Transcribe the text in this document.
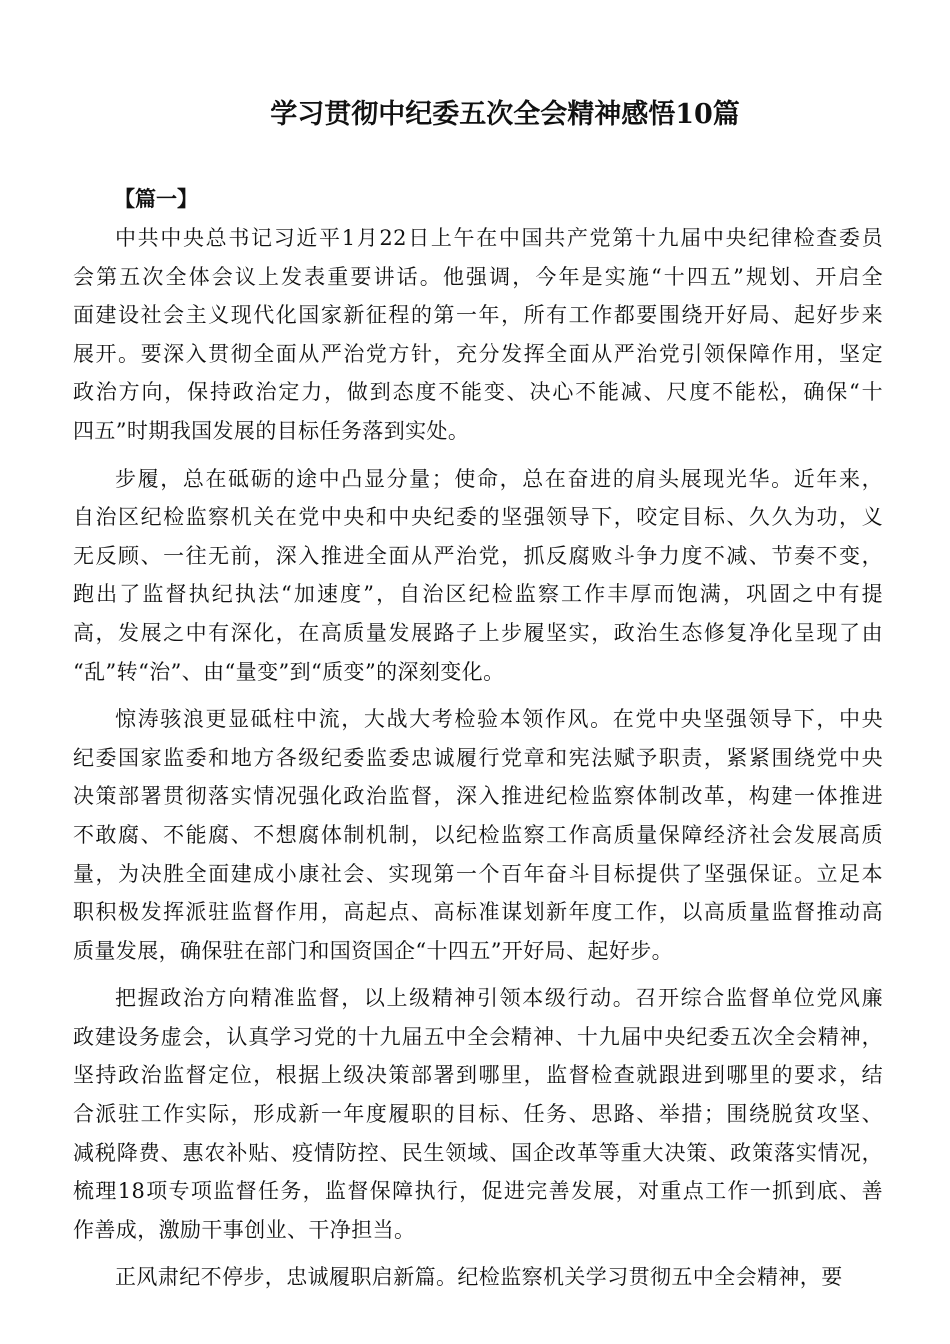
学习贯彻中纪委五次全会精神感悟10篇
【篇一】
中共中央总书记习近平1月22日上午在中国共产党第十九届中央纪律检查委员
会第五次全体会议上发表重要讲话。他强调，今年是实施“十四五”规划、开启全
面建设社会主义现代化国家新征程的第一年，所有工作都要围绕开好局、起好步来
展开。要深入贯彻全面从严治党方针，充分发挥全面从严治党引领保障作用，坚定
政治方向，保持政治定力，做到态度不能变、决心不能减、尺度不能松，确保“十
四五”时期我国发展的目标任务落到实处。
步履，总在砥砺的途中凸显分量；使命，总在奋进的肩头展现光华。近年来，
自治区纪检监察机关在党中央和中央纪委的坚强领导下，咬定目标、久久为功，义
无反顾、一往无前，深入推进全面从严治党，抓反腐败斗争力度不减、节奏不变，
跑出了监督执纪执法“加速度”，自治区纪检监察工作丰厚而饱满，巩固之中有提
高，发展之中有深化，在高质量发展路子上步履坚实，政治生态修复净化呈现了由
“乱”转“治”、由“量变”到“质变”的深刻变化。
惊涛骇浪更显砥柱中流，大战大考检验本领作风。在党中央坚强领导下，中央
纪委国家监委和地方各级纪委监委忠诚履行党章和宪法赋予职责，紧紧围绕党中央
决策部署贯彻落实情况强化政治监督，深入推进纪检监察体制改革，构建一体推进
不敢腐、不能腐、不想腐体制机制，以纪检监察工作高质量保障经济社会发展高质
量，为决胜全面建成小康社会、实现第一个百年奋斗目标提供了坚强保证。立足本
职积极发挥派驻监督作用，高起点、高标准谋划新年度工作，以高质量监督推动高
质量发展，确保驻在部门和国资国企“十四五”开好局、起好步。
把握政治方向精准监督，以上级精神引领本级行动。召开综合监督单位党风廉
政建设务虚会，认真学习党的十九届五中全会精神、十九届中央纪委五次全会精神，
坚持政治监督定位，根据上级决策部署到哪里，监督检查就跟进到哪里的要求，结
合派驻工作实际，形成新一年度履职的目标、任务、思路、举措；围绕脱贫攻坚、
减税降费、惠农补贴、疫情防控、民生领域、国企改革等重大决策、政策落实情况，
梳理18项专项监督任务，监督保障执行，促进完善发展，对重点工作一抓到底、善
作善成，激励干事创业、干净担当。
正风肃纪不停步，忠诚履职启新篇。纪检监察机关学习贯彻五中全会精神，要
